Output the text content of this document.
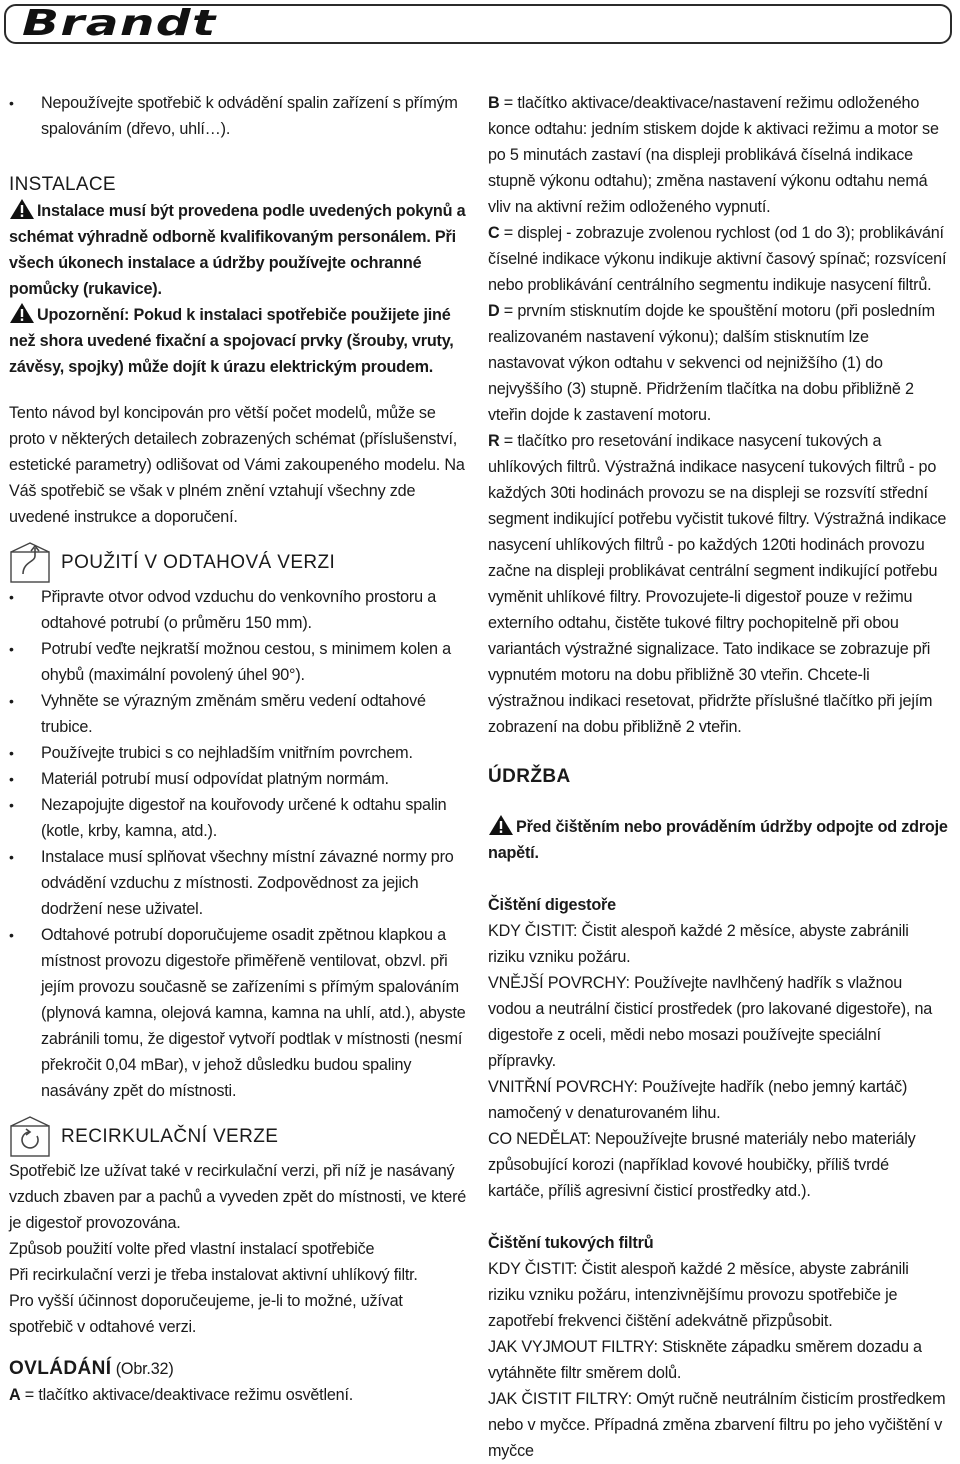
Brandt
• Nepoužívejte spotřebič k odvádění spalin zařízení s přímým spalováním (dřevo, uhlí…).

INSTALACE

Instalace musí být provedena podle uvedených pokynů a schémat výhradně odborně kvalifikovaným personálem. Při všech úkonech instalace a údržby používejte ochranné pomůcky (rukavice).

Upozornění: Pokud k instalaci spotřebiče použijete jiné než shora uvedené fixační a spojovací prvky (šrouby, vruty, závěsy, spojky) může dojít k úrazu elektrickým proudem.

Tento návod byl koncipován pro větší počet modelů, může se proto v některých detailech zobrazených schémat (příslušenství, estetické parametry) odlišovat od Vámi zakoupeného modelu. Na Váš spotřebič se však v plném znění vztahují všechny zde uvedené instrukce a doporučení.

POUŽITÍ V ODTAHOVÁ VERZI

• Připravte otvor odvod vzduchu do venkovního prostoru a odtahové potrubí (o průměru 150 mm).
• Potrubí veďte nejkratší možnou cestou, s minimem kolen a ohybů (maximální povolený úhel 90°).
• Vyhněte se výrazným změnám směru vedení odtahové trubice.
• Používejte trubici s co nejhladším vnitřním povrchem.
• Materiál potrubí musí odpovídat platným normám.
• Nezapojujte digestoř na kouřovody určené k odtahu spalin (kotle, krby, kamna, atd.).
• Instalace musí splňovat všechny místní závazné normy pro odvádění vzduchu z místnosti. Zodpovědnost za jejich dodržení nese uživatel.
• Odtahové potrubí doporučujeme osadit zpětnou klapkou a místnost provozu digestoře přiměřeně ventilovat, obzvl. při jejím provozu současně se zařízeními s přímým spalováním (plynová kamna, olejová kamna, kamna na uhlí, atd.), abyste zabránili tomu, že digestoř vytvoří podtlak v místnosti (nesmí překročit 0,04 mBar), v jehož důsledku budou spaliny nasávány zpět do místnosti.

RECIRKULAČNÍ VERZE

Spotřebič lze užívat také v recirkulační verzi, při níž je nasávaný vzduch zbaven par a pachů a vyveden zpět do místnosti, ve které je digestoř provozována.

Způsob použití volte před vlastní instalací spotřebiče

Při recirkulační verzi je třeba instalovat aktivní uhlíkový filtr.

Pro vyšší účinnost doporučeujeme, je-li to možné, užívat spotřebič v odtahové verzi.

OVLÁDÁNÍ (Obr.32)

A = tlačítko aktivace/deaktivace režimu osvětlení.

B = tlačítko aktivace/deaktivace/nastavení režimu odloženého konce odtahu: jedním stiskem dojde k aktivaci režimu a motor se po 5 minutách zastaví (na displeji problikává číselná indikace stupně výkonu odtahu); změna nastavení výkonu odtahu nemá vliv na aktivní režim odloženého vypnutí.

C = displej - zobrazuje zvolenou rychlost (od 1 do 3); problikávání číselné indikace výkonu indikuje aktivní časový spínač; rozsvícení nebo problikávání centrálního segmentu indikuje nasycení filtrů.

D = prvním stisknutím dojde ke spouštění motoru (při posledním realizovaném nastavení výkonu); dalším stisknutím lze nastavovat výkon odtahu v sekvenci od nejnižšího (1) do nejvyššího (3) stupně. Přidržením tlačítka na dobu přibližně 2 vteřin dojde k zastavení motoru.

R = tlačítko pro resetování indikace nasycení tukových a uhlíkových filtrů. Výstražná indikace nasycení tukových filtrů - po každých 30ti hodinách provozu se na displeji se rozsvítí střední segment indikující potřebu vyčistit tukové filtry. Výstražná indikace nasycení uhlíkových filtrů - po každých 120ti hodinách provozu začne na displeji problikávat centrální segment indikující potřebu vyměnit uhlíkové filtry. Provozujete-li digestoř pouze v režimu externího odtahu, čistěte tukové filtry pochopitelně při obou variantách výstražné signalizace. Tato indikace se zobrazuje při vypnutém motoru na dobu přibližně 30 vteřin. Chcete-li výstražnou indikaci resetovat, přidržte příslušné tlačítko při jejím zobrazení na dobu přibližně 2 vteřin.

ÚDRŽBA

Před čištěním nebo prováděním údržby odpojte od zdroje napětí.

Čištění digestoře

KDY ČISTIT: Čistit alespoň každé 2 měsíce, abyste zabránili riziku vzniku požáru.

VNĚJŠÍ POVRCHY: Používejte navlhčený hadřík s vlažnou vodou a neutrální čisticí prostředek (pro lakované digestoře), na digestoře z oceli, mědi nebo mosazi používejte speciální přípravky.

VNITŘNÍ POVRCHY: Používejte hadřík (nebo jemný kartáč) namočený v denaturovaném lihu.

CO NEDĚLAT: Nepoužívejte brusné materiály nebo materiály způsobující korozi (například kovové houbičky, příliš tvrdé kartáče, příliš agresivní čisticí prostředky atd.).

Čištění tukových filtrů

KDY ČISTIT: Čistit alespoň každé 2 měsíce, abyste zabránili riziku vzniku požáru, intenzivnějšímu provozu spotřebiče je zapotřebí frekvenci čištění adekvátně přizpůsobit.

JAK VYJMOUT FILTRY: Stiskněte západku směrem dozadu a vytáhněte filtr směrem dolů.

JAK ČISTIT FILTRY: Omýt ručně neutrálním čisticím prostředkem nebo v myčce. Případná změna zbarvení filtru po jeho vyčištění v myčce
